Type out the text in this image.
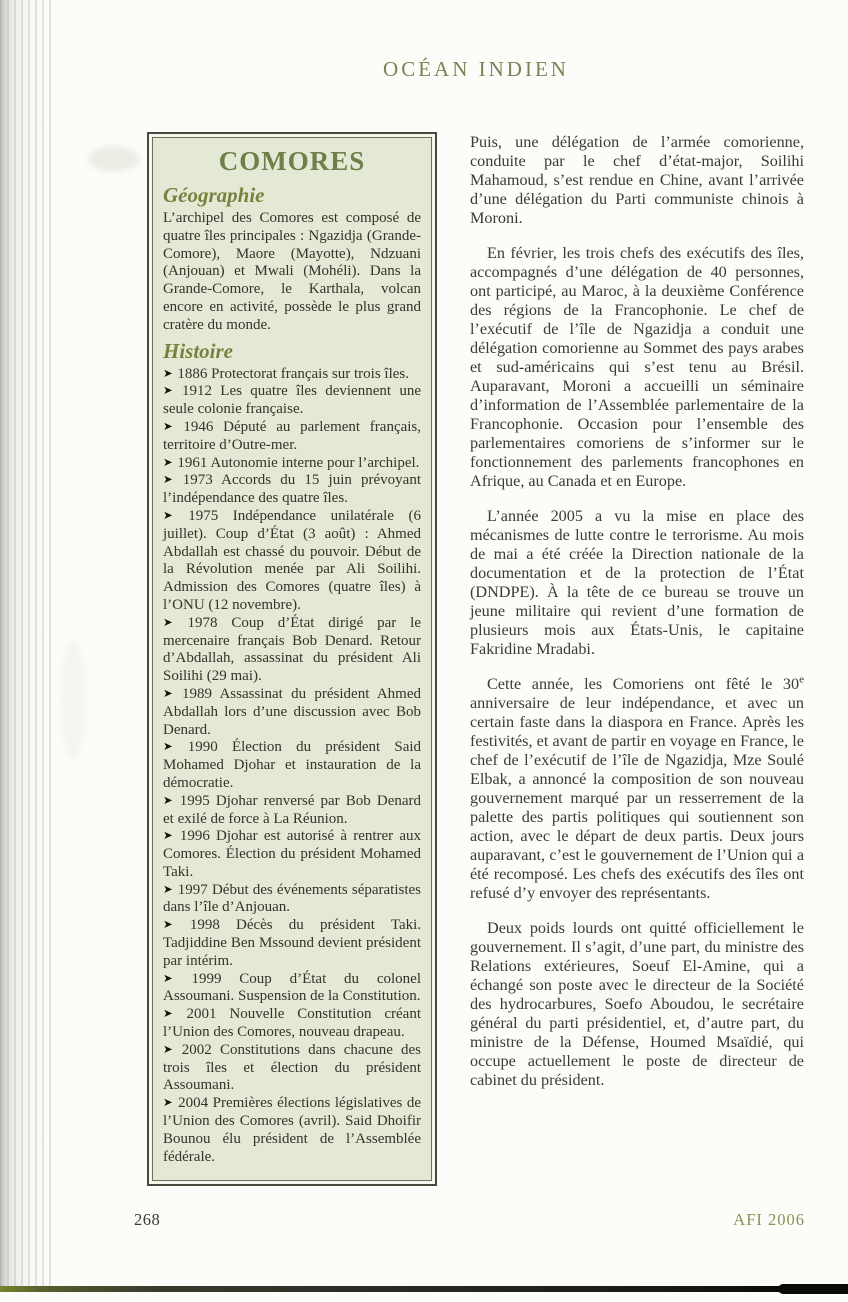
OCÉAN INDIEN
COMORES
Géographie

L’archipel des Comores est composé de quatre îles principales : Ngazidja (Grande-Comore), Maore (Mayotte), Ndzuani (Anjouan) et Mwali (Mohéli). Dans la Grande-Comore, le Karthala, volcan encore en activité, possède le plus grand cratère du monde.

Histoire

➤ 1886 Protectorat français sur trois îles.

➤ 1912 Les quatre îles deviennent une seule colonie française.

➤ 1946 Député au parlement français, territoire d’Outre-mer.

➤ 1961 Autonomie interne pour l’archipel.

➤ 1973 Accords du 15 juin prévoyant l’indépendance des quatre îles.

➤ 1975 Indépendance unilatérale (6 juillet). Coup d’État (3 août) : Ahmed Abdallah est chassé du pouvoir. Début de la Révolution menée par Ali Soilihi. Admission des Comores (quatre îles) à l’ONU (12 novembre).

➤ 1978 Coup d’État dirigé par le mercenaire français Bob Denard. Retour d’Abdallah, assassinat du président Ali Soilihi (29 mai).

➤ 1989 Assassinat du président Ahmed Abdallah lors d’une discussion avec Bob Denard.

➤ 1990 Élection du président Said Mohamed Djohar et instauration de la démocratie.

➤ 1995 Djohar renversé par Bob Denard et exilé de force à La Réunion.

➤ 1996 Djohar est autorisé à rentrer aux Comores. Élection du président Mohamed Taki.

➤ 1997 Début des événements séparatistes dans l’île d’Anjouan.

➤ 1998 Décès du président Taki. Tadjiddine Ben Mssound devient président par intérim.

➤ 1999 Coup d’État du colonel Assoumani. Suspension de la Constitution.

➤ 2001 Nouvelle Constitution créant l’Union des Comores, nouveau drapeau.

➤ 2002 Constitutions dans chacune des trois îles et élection du président Assoumani.

➤ 2004 Premières élections législatives de l’Union des Comores (avril). Said Dhoifir Bounou élu président de l’Assemblée fédérale.

Puis, une délégation de l’armée comorienne, conduite par le chef d’état-major, Soilihi Mahamoud, s’est rendue en Chine, avant l’arrivée d’une délégation du Parti communiste chinois à Moroni.

En février, les trois chefs des exécutifs des îles, accompagnés d’une délégation de 40 personnes, ont participé, au Maroc, à la deuxième Conférence des régions de la Francophonie. Le chef de l’exécutif de l’île de Ngazidja a conduit une délégation comorienne au Sommet des pays arabes et sud-américains qui s’est tenu au Brésil. Auparavant, Moroni a accueilli un séminaire d’information de l’Assemblée parlementaire de la Francophonie. Occasion pour l’ensemble des parlementaires comoriens de s’informer sur le fonctionnement des parlements francophones en Afrique, au Canada et en Europe.

L’année 2005 a vu la mise en place des mécanismes de lutte contre le terrorisme. Au mois de mai a été créée la Direction nationale de la documentation et de la protection de l’État (DNDPE). À la tête de ce bureau se trouve un jeune militaire qui revient d’une formation de plusieurs mois aux États-Unis, le capitaine Fakridine Mradabi.

Cette année, les Comoriens ont fêté le 30e anniversaire de leur indépendance, et avec un certain faste dans la diaspora en France. Après les festivités, et avant de partir en voyage en France, le chef de l’exécutif de l’île de Ngazidja, Mze Soulé Elbak, a annoncé la composition de son nouveau gouvernement marqué par un resserrement de la palette des partis politiques qui soutiennent son action, avec le départ de deux partis. Deux jours auparavant, c’est le gouvernement de l’Union qui a été recomposé. Les chefs des exécutifs des îles ont refusé d’y envoyer des représentants.

Deux poids lourds ont quitté officiellement le gouvernement. Il s’agit, d’une part, du ministre des Relations extérieures, Soeuf El-Amine, qui a échangé son poste avec le directeur de la Société des hydrocarbures, Soefo Aboudou, le secrétaire général du parti présidentiel, et, d’autre part, du ministre de la Défense, Houmed Msaïdié, qui occupe actuellement le poste de directeur de cabinet du président.

268	AFI 2006
